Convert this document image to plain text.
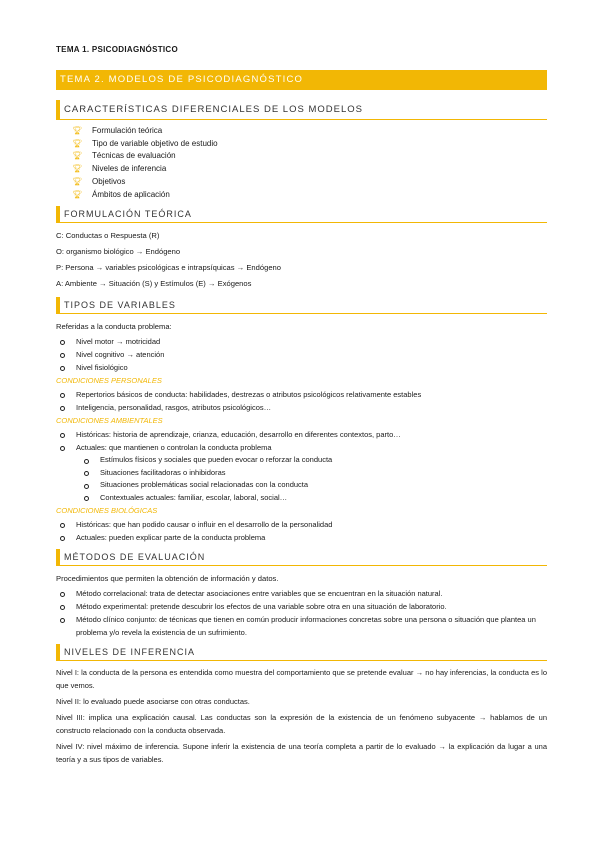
TEMA 1. PSICODIAGNÓSTICO
TEMA 2. MODELOS DE PSICODIAGNÓSTICO
CARACTERÍSTICAS DIFERENCIALES DE LOS MODELOS
🏆︎ Formulación teórica
🏆︎ Tipo de variable objetivo de estudio
🏆︎ Técnicas de evaluación
🏆︎ Niveles de inferencia
🏆︎ Objetivos
🏆︎ Ámbitos de aplicación
FORMULACIÓN TEÓRICA
C: Conductas o Respuesta (R)
O: organismo biológico → Endógeno
P: Persona → variables psicológicas e intrapsíquicas → Endógeno
A: Ambiente → Situación (S) y Estímulos (E) → Exógenos
TIPOS DE VARIABLES
Referidas a la conducta problema:
Nivel motor → motricidad
Nivel cognitivo → atención
Nivel fisiológico
CONDICIONES PERSONALES
Repertorios básicos de conducta: habilidades, destrezas o atributos psicológicos relativamente estables
Inteligencia, personalidad, rasgos, atributos psicológicos…
CONDICIONES AMBIENTALES
Históricas: historia de aprendizaje, crianza, educación, desarrollo en diferentes contextos, parto…
Actuales: que mantienen o controlan la conducta problema
Estímulos físicos y sociales que pueden evocar o reforzar la conducta
Situaciones facilitadoras o inhibidoras
Situaciones problemáticas social relacionadas con la conducta
Contextuales actuales: familiar, escolar, laboral, social…
CONDICIONES BIOLÓGICAS
Históricas: que han podido causar o influir en el desarrollo de la personalidad
Actuales: pueden explicar parte de la conducta problema
MÉTODOS DE EVALUACIÓN
Procedimientos que permiten la obtención de información y datos.
Método correlacional: trata de detectar asociaciones entre variables que se encuentran en la situación natural.
Método experimental: pretende descubrir los efectos de una variable sobre otra en una situación de laboratorio.
Método clínico conjunto: de técnicas que tienen en común producir informaciones concretas sobre una persona o situación que plantea un problema y/o revela la existencia de un sufrimiento.
NIVELES DE INFERENCIA
Nivel I: la conducta de la persona es entendida como muestra del comportamiento que se pretende evaluar → no hay inferencias, la conducta es lo que vemos.
Nivel II: lo evaluado puede asociarse con otras conductas.
Nivel III: implica una explicación causal. Las conductas son la expresión de la existencia de un fenómeno subyacente → hablamos de un constructo relacionado con la conducta observada.
Nivel IV: nivel máximo de inferencia. Supone inferir la existencia de una teoría completa a partir de lo evaluado → la explicación da lugar a una teoría y a sus tipos de variables.
